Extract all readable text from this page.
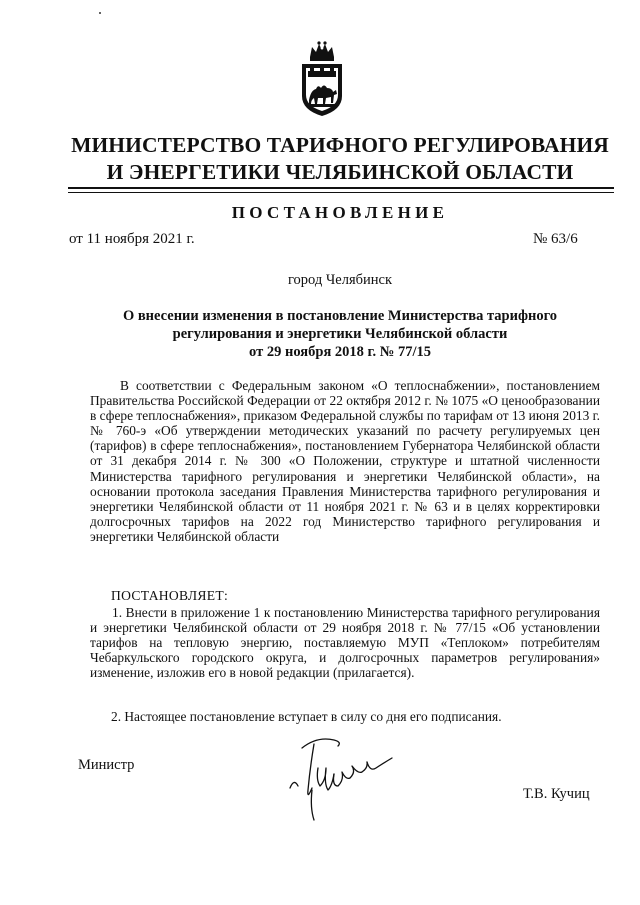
МИНИСТЕРСТВО ТАРИФНОГО РЕГУЛИРОВАНИЯ
И ЭНЕРГЕТИКИ ЧЕЛЯБИНСКОЙ ОБЛАСТИ
ПОСТАНОВЛЕНИЕ
от 11 ноября 2021 г.	№ 63/6
город Челябинск
О внесении изменения в постановление Министерства тарифного
регулирования и энергетики Челябинской области
от 29 ноября 2018 г. № 77/15

В соответствии с Федеральным законом «О теплоснабжении», постановлением Правительства Российской Федерации от 22 октября 2012 г. № 1075 «О ценообразовании в сфере теплоснабжения», приказом Федеральной службы по тарифам от 13 июня 2013 г. № 760-э «Об утверждении методических указаний по расчету регулируемых цен (тарифов) в сфере теплоснабжения», постановлением Губернатора Челябинской области от 31 декабря 2014 г. № 300 «О Положении, структуре и штатной численности Министерства тарифного регулирования и энергетики Челябинской области», на основании протокола заседания Правления Министерства тарифного регулирования и энергетики Челябинской области от 11 ноября 2021 г. № 63 и в целях корректировки долгосрочных тарифов на 2022 год Министерство тарифного регулирования и энергетики Челябинской области

ПОСТАНОВЛЯЕТ:

1. Внести в приложение 1 к постановлению Министерства тарифного регулирования и энергетики Челябинской области от 29 ноября 2018 г. № 77/15 «Об установлении тарифов на тепловую энергию, поставляемую МУП «Теплоком» потребителям Чебаркульского городского округа, и долгосрочных параметров регулирования» изменение, изложив его в новой редакции (прилагается).

2. Настоящее постановление вступает в силу со дня его подписания.
Министр
Т.В. Кучиц
